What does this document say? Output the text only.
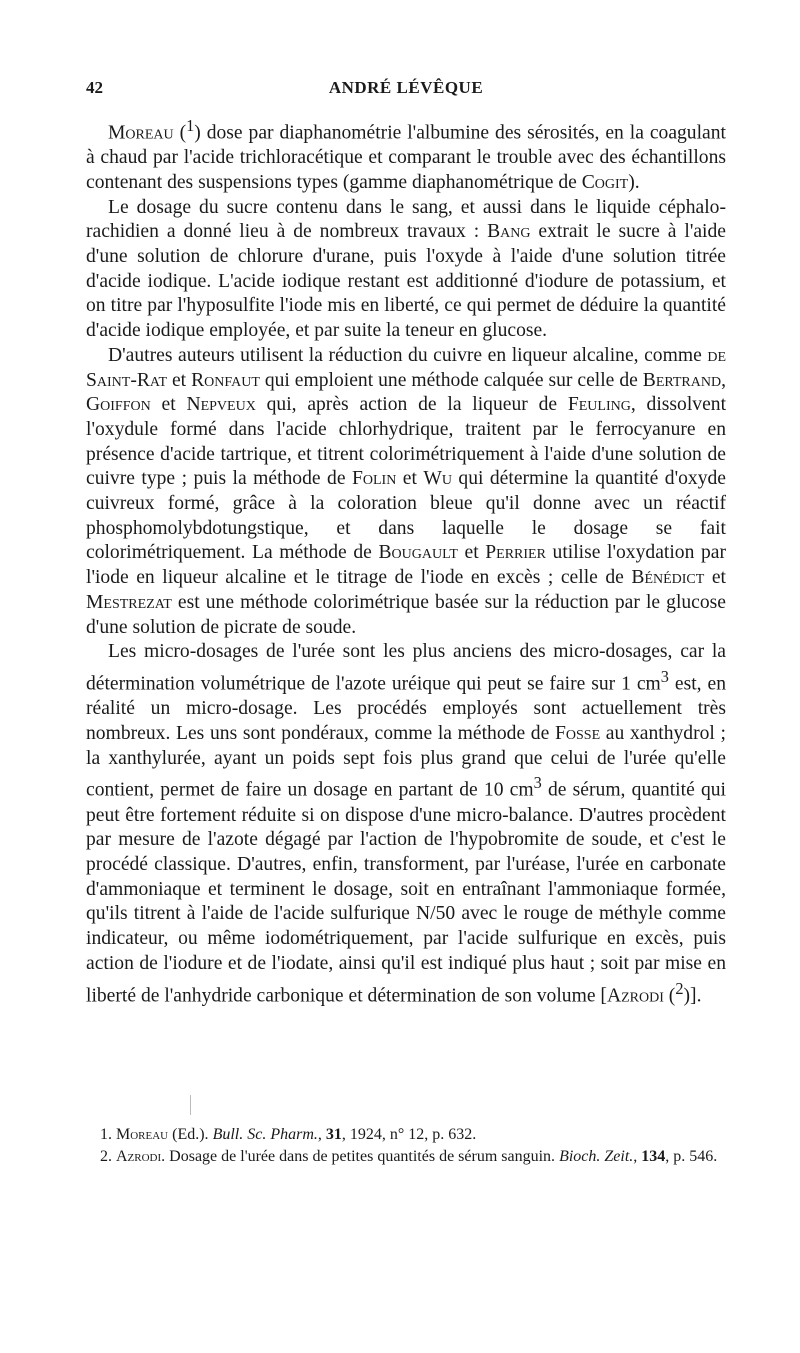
42	ANDRÉ LÉVÊQUE

Moreau ($^1$) dose par diaphanométrie l'albumine des sérosités, en la coagulant à chaud par l'acide trichloracétique et comparant le trouble avec des échantillons contenant des suspensions types (gamme diaphanométrique de Cogit).

Le dosage du sucre contenu dans le sang, et aussi dans le liquide céphalo-rachidien a donné lieu à de nombreux travaux : Bang extrait le sucre à l'aide d'une solution de chlorure d'urane, puis l'oxyde à l'aide d'une solution titrée d'acide iodique. L'acide iodique restant est additionné d'iodure de potassium, et on titre par l'hyposulfite l'iode mis en liberté, ce qui permet de déduire la quantité d'acide iodique employée, et par suite la teneur en glucose.

D'autres auteurs utilisent la réduction du cuivre en liqueur alcaline, comme de Saint-Rat et Ronfaut qui emploient une méthode calquée sur celle de Bertrand, Goiffon et Nepveux qui, après action de la liqueur de Feuling, dissolvent l'oxydule formé dans l'acide chlorhydrique, traitent par le ferrocyanure en présence d'acide tartrique, et titrent colorimétriquement à l'aide d'une solution de cuivre type ; puis la méthode de Folin et Wu qui détermine la quantité d'oxyde cuivreux formé, grâce à la coloration bleue qu'il donne avec un réactif phosphomolybdotungstique, et dans laquelle le dosage se fait colorimétriquement. La méthode de Bougault et Perrier utilise l'oxydation par l'iode en liqueur alcaline et le titrage de l'iode en excès ; celle de Bénédict et Mestrezat est une méthode colorimétrique basée sur la réduction par le glucose d'une solution de picrate de soude.

Les micro-dosages de l'urée sont les plus anciens des micro-dosages, car la détermination volumétrique de l'azote uréique qui peut se faire sur 1 $cm^3$ est, en réalité un micro-dosage. Les procédés employés sont actuellement très nombreux. Les uns sont pondéraux, comme la méthode de Fosse au xanthydrol ; la xanthylurée, ayant un poids sept fois plus grand que celui de l'urée qu'elle contient, permet de faire un dosage en partant de 10 $cm^3$ de sérum, quantité qui peut être fortement réduite si on dispose d'une micro-balance. D'autres procèdent par mesure de l'azote dégagé par l'action de l'hypobromite de soude, et c'est le procédé classique. D'autres, enfin, transforment, par l'uréase, l'urée en carbonate d'ammoniaque et terminent le dosage, soit en entraînant l'ammoniaque formée, qu'ils titrent à l'aide de l'acide sulfurique N/50 avec le rouge de méthyle comme indicateur, ou même iodométriquement, par l'acide sulfurique en excès, puis action de l'iodure et de l'iodate, ainsi qu'il est indiqué plus haut ; soit par mise en liberté de l'anhydride carbonique et détermination de son volume [Azrodi ($^2$)].

1. Moreau (Ed.). Bull. Sc. Pharm., 31, 1924, n° 12, p. 632.

2. Azrodi. Dosage de l'urée dans de petites quantités de sérum sanguin. Bioch. Zeit., 134, p. 546.
